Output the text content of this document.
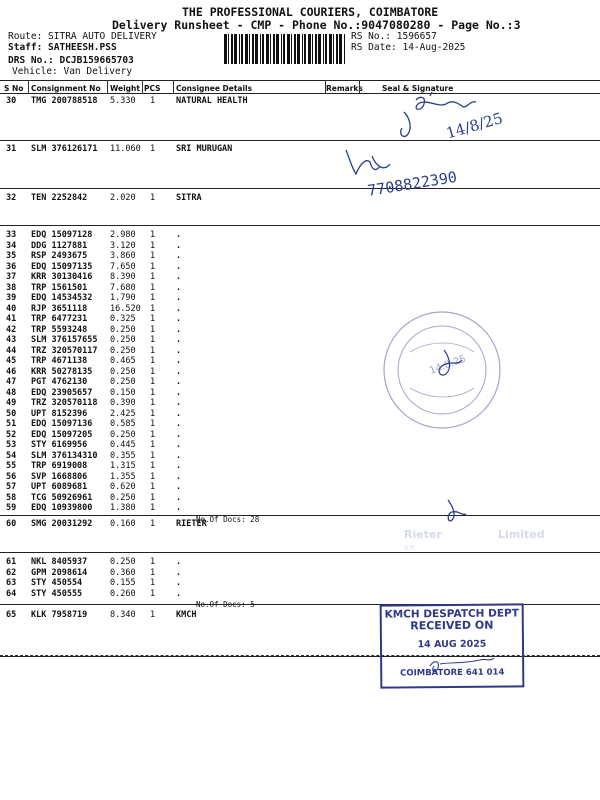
THE PROFESSIONAL COURIERS, COIMBATORE
Delivery Runsheet - CMP - Phone No.:9047080280 - Page No.:3
Route: SITRA AUTO DELIVERY
Staff: SATHEESH.PSS
DRS No.: DCJB159665703
Vehicle: Van Delivery
RS No.: 1596657
RS Date: 14-Aug-2025
S No Consignment No Weight PCS Consignee Details	Remarks	Seal & Signature
30 TMG 200788518 5.330 1 NATURAL HEALTH
31 SLM 376126171 11.060 1 SRI MURUGAN
32 TEN 2252842	2.020 1 SITRA
33 EDQ 15097128 2.980 1 .
34 DDG 1127881	3.120 1 .
35 RSP 2493675	3.860 1 .
36 EDQ 15097135 7.650 1 .
37 KRR 30130416 8.390 1 .
38 TRP 1561501	7.680 1 .
39 EDQ 14534532 1.790 1 .
40 RJP 3651118	16.520 1 .
41 TRP 6477231	0.325 1 .
42 TRP 5593248	0.250 1 .
43 SLM 376157655 0.250 1 .
44 TRZ 320570117 0.250 1 .
45 TRP 4671138	0.465 1 .
46 KRR 50278135 0.250 1 .
47 PGT 4762130	0.250 1 .
48 EDQ 23905657 0.150 1 .
49 TRZ 320570118 0.390 1 .
50 UPT 8152396	2.425 1 .
51 EDQ 15097136 0.585 1 .
52 EDQ 15097205 0.250 1 .
53 STY 6169956	0.445 1 .
54 SLM 376134310 0.355 1 .
55 TRP 6919008	1.315 1 .
56 SVP 1668806	1.355 1 .
57 UPT 6089681	0.620 1 .
58 TCG 50926961 0.250 1 .
59 EDQ 10939800 1.380 1 .
No.Of Docs: 28
60 SMG 20031292 0.160 1 RIETER
61 NKL 8405937	0.250 1 .
62 GPM 2098614	0.360 1 .
63 STY 450554	0.155 1 .
64 STY 450555	0.260 1 .
No.Of Docs: 5
65 KLK 7958719	8.340 1 KMCH
14/8/25
7708822390
14.8.25
Rieter	Limited
S.F.
KMCH DESPATCH DEPT
RECEIVED ON
14 AUG 2025
COIMBATORE 641 014
